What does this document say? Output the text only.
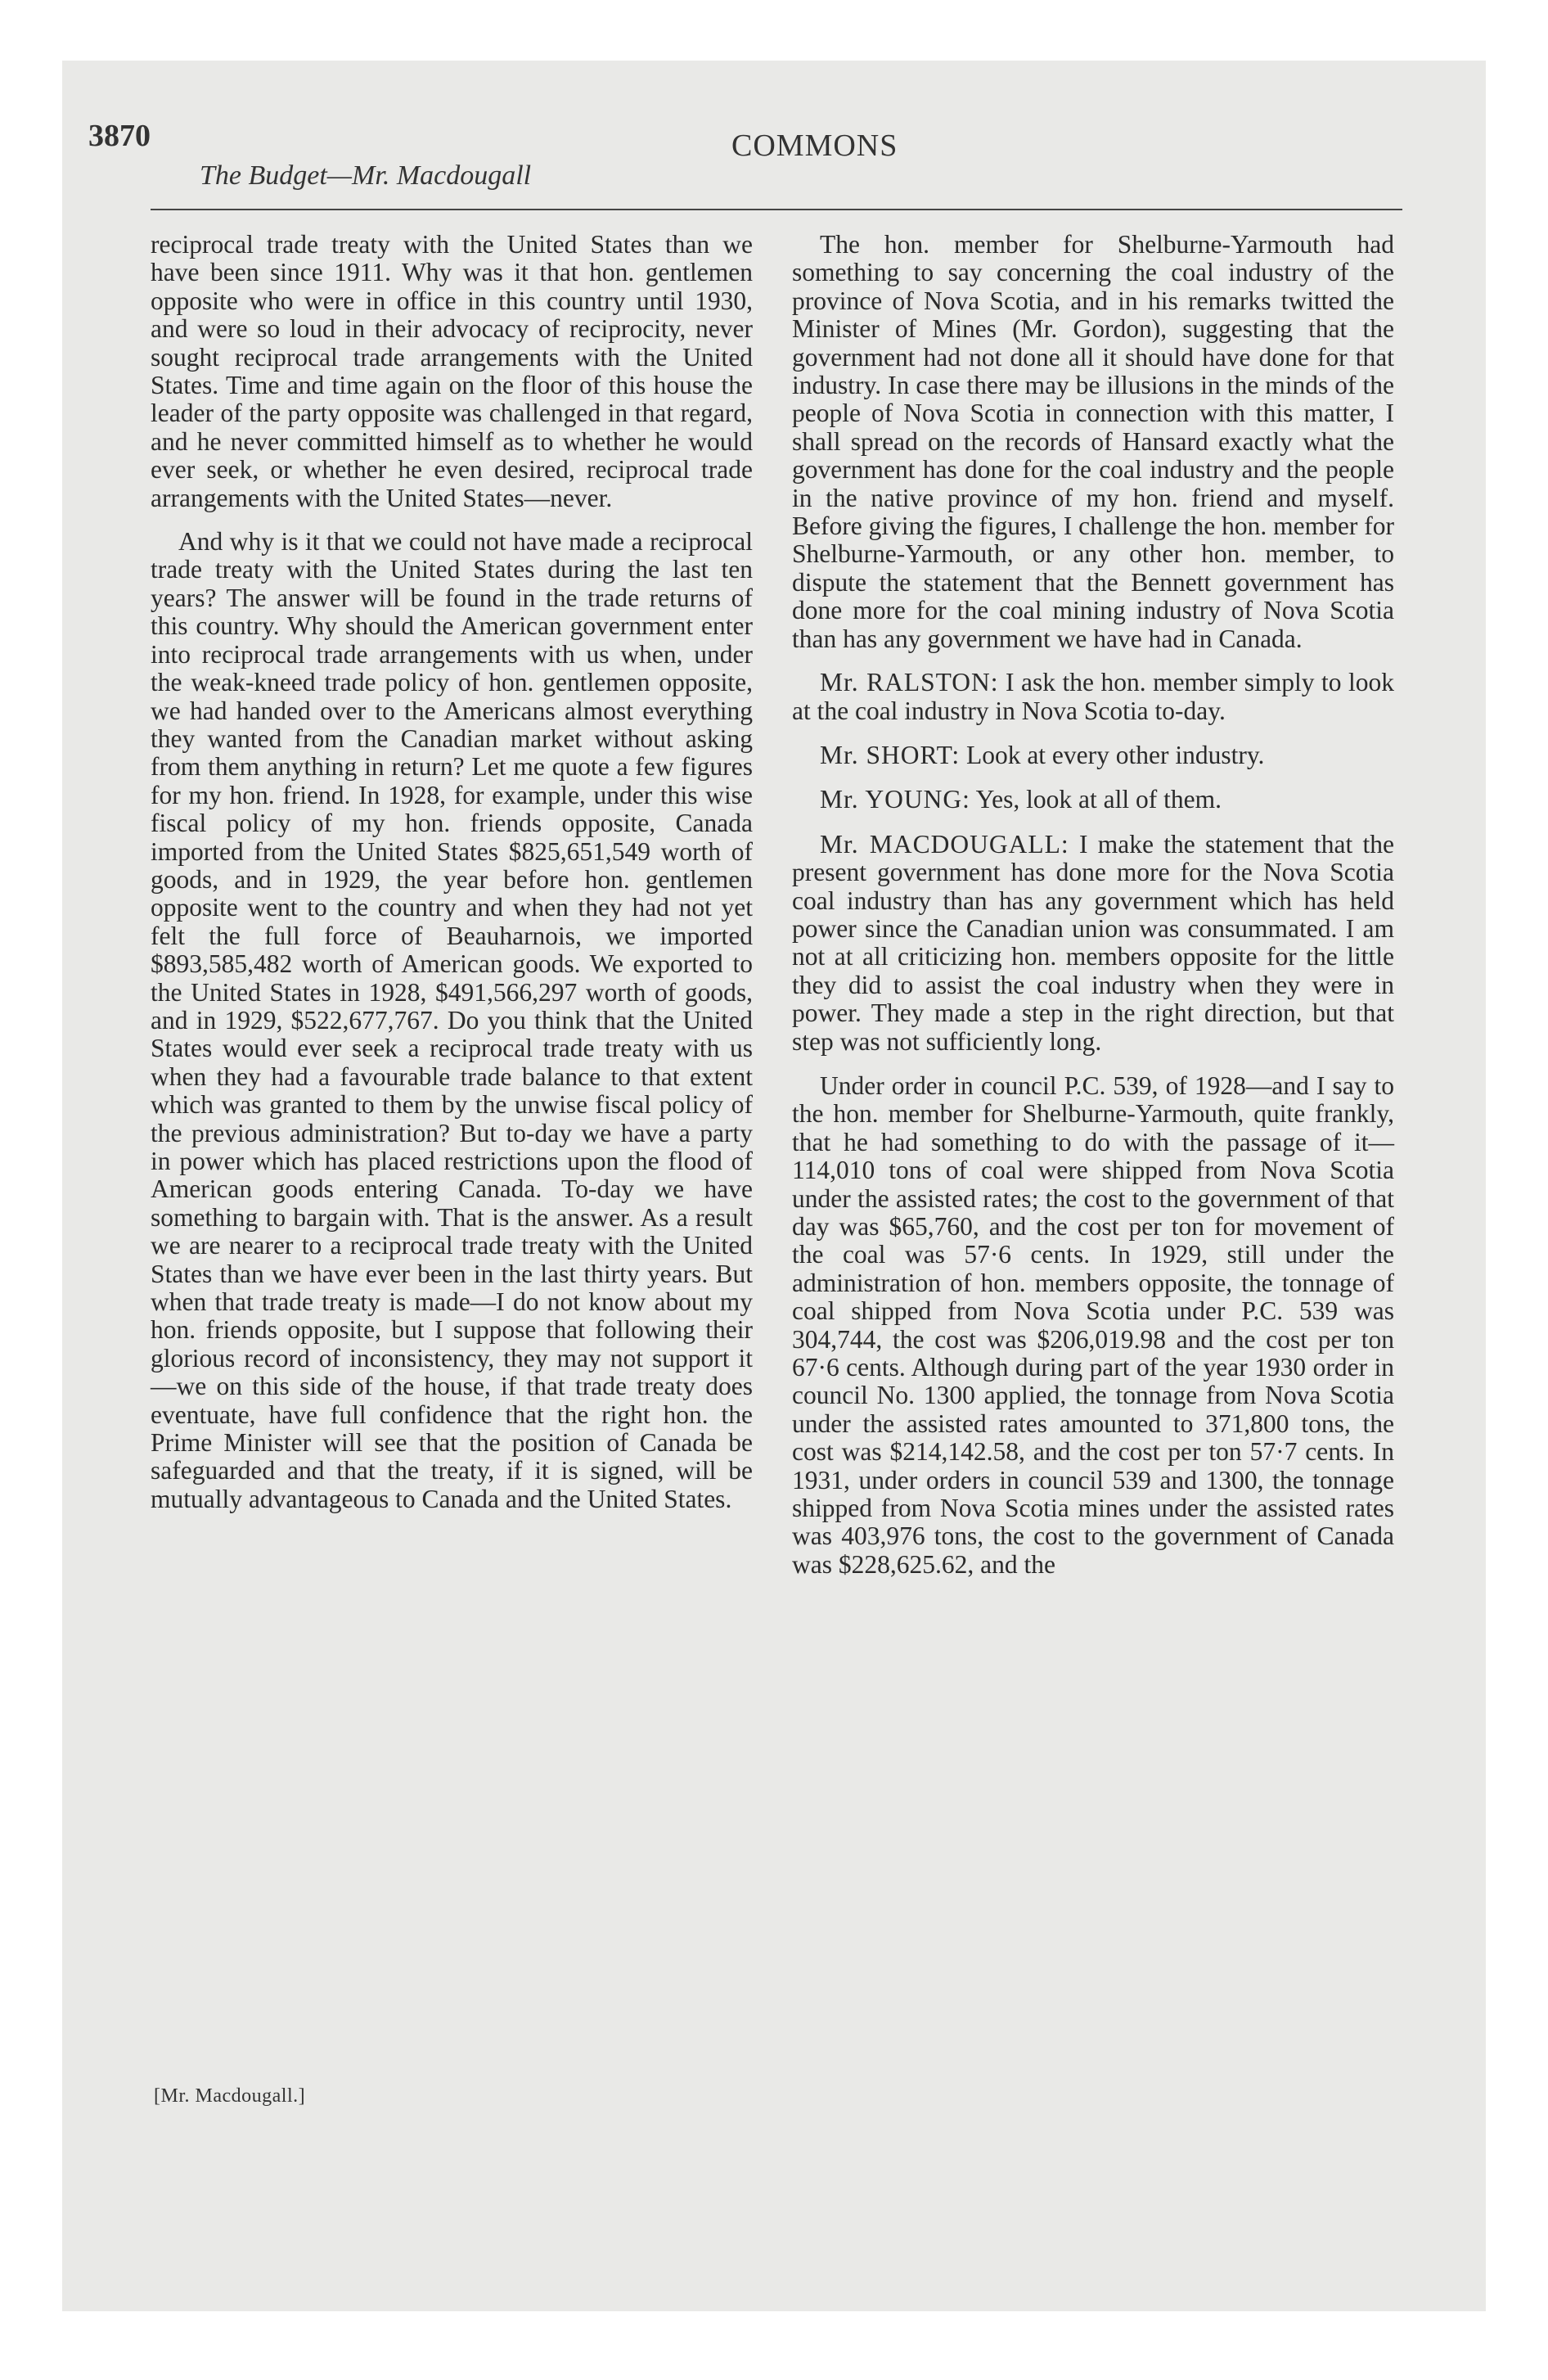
3870
The Budget—Mr. Macdougall
COMMONS

reciprocal trade treaty with the United States than we have been since 1911. Why was it that hon. gentlemen opposite who were in office in this country until 1930, and were so loud in their advocacy of reciprocity, never sought reciprocal trade arrangements with the United States. Time and time again on the floor of this house the leader of the party opposite was challenged in that regard, and he never committed himself as to whether he would ever seek, or whether he even desired, reciprocal trade arrangements with the United States—never.

And why is it that we could not have made a reciprocal trade treaty with the United States during the last ten years? The answer will be found in the trade returns of this country. Why should the American government enter into reciprocal trade arrangements with us when, under the weak-kneed trade policy of hon. gentlemen opposite, we had handed over to the Americans almost everything they wanted from the Canadian market without asking from them anything in return? Let me quote a few figures for my hon. friend. In 1928, for example, under this wise fiscal policy of my hon. friends opposite, Canada imported from the United States $825,651,549 worth of goods, and in 1929, the year before hon. gentlemen opposite went to the country and when they had not yet felt the full force of Beauharnois, we imported $893,585,482 worth of American goods. We exported to the United States in 1928, $491,566,297 worth of goods, and in 1929, $522,677,767. Do you think that the United States would ever seek a reciprocal trade treaty with us when they had a favourable trade balance to that extent which was granted to them by the unwise fiscal policy of the previous administration? But to-day we have a party in power which has placed restrictions upon the flood of American goods entering Canada. To-day we have something to bargain with. That is the answer. As a result we are nearer to a reciprocal trade treaty with the United States than we have ever been in the last thirty years. But when that trade treaty is made—I do not know about my hon. friends opposite, but I suppose that following their glorious record of inconsistency, they may not support it—we on this side of the house, if that trade treaty does eventuate, have full confidence that the right hon. the Prime Minister will see that the position of Canada be safeguarded and that the treaty, if it is signed, will be mutually advantageous to Canada and the United States.

[Mr. Macdougall.]

The hon. member for Shelburne-Yarmouth had something to say concerning the coal industry of the province of Nova Scotia, and in his remarks twitted the Minister of Mines (Mr. Gordon), suggesting that the government had not done all it should have done for that industry. In case there may be illusions in the minds of the people of Nova Scotia in connection with this matter, I shall spread on the records of Hansard exactly what the government has done for the coal industry and the people in the native province of my hon. friend and myself. Before giving the figures, I challenge the hon. member for Shelburne-Yarmouth, or any other hon. member, to dispute the statement that the Bennett government has done more for the coal mining industry of Nova Scotia than has any government we have had in Canada.

Mr. RALSTON: I ask the hon. member simply to look at the coal industry in Nova Scotia to-day.

Mr. SHORT: Look at every other industry.

Mr. YOUNG: Yes, look at all of them.

Mr. MACDOUGALL: I make the statement that the present government has done more for the Nova Scotia coal industry than has any government which has held power since the Canadian union was consummated. I am not at all criticizing hon. members opposite for the little they did to assist the coal industry when they were in power. They made a step in the right direction, but that step was not sufficiently long.

Under order in council P.C. 539, of 1928—and I say to the hon. member for Shelburne-Yarmouth, quite frankly, that he had something to do with the passage of it—114,010 tons of coal were shipped from Nova Scotia under the assisted rates; the cost to the government of that day was $65,760, and the cost per ton for movement of the coal was 57·6 cents. In 1929, still under the administration of hon. members opposite, the tonnage of coal shipped from Nova Scotia under P.C. 539 was 304,744, the cost was $206,019.98 and the cost per ton 67·6 cents. Although during part of the year 1930 order in council No. 1300 applied, the tonnage from Nova Scotia under the assisted rates amounted to 371,800 tons, the cost was $214,142.58, and the cost per ton 57·7 cents. In 1931, under orders in council 539 and 1300, the tonnage shipped from Nova Scotia mines under the assisted rates was 403,976 tons, the cost to the government of Canada was $228,625.62, and the
